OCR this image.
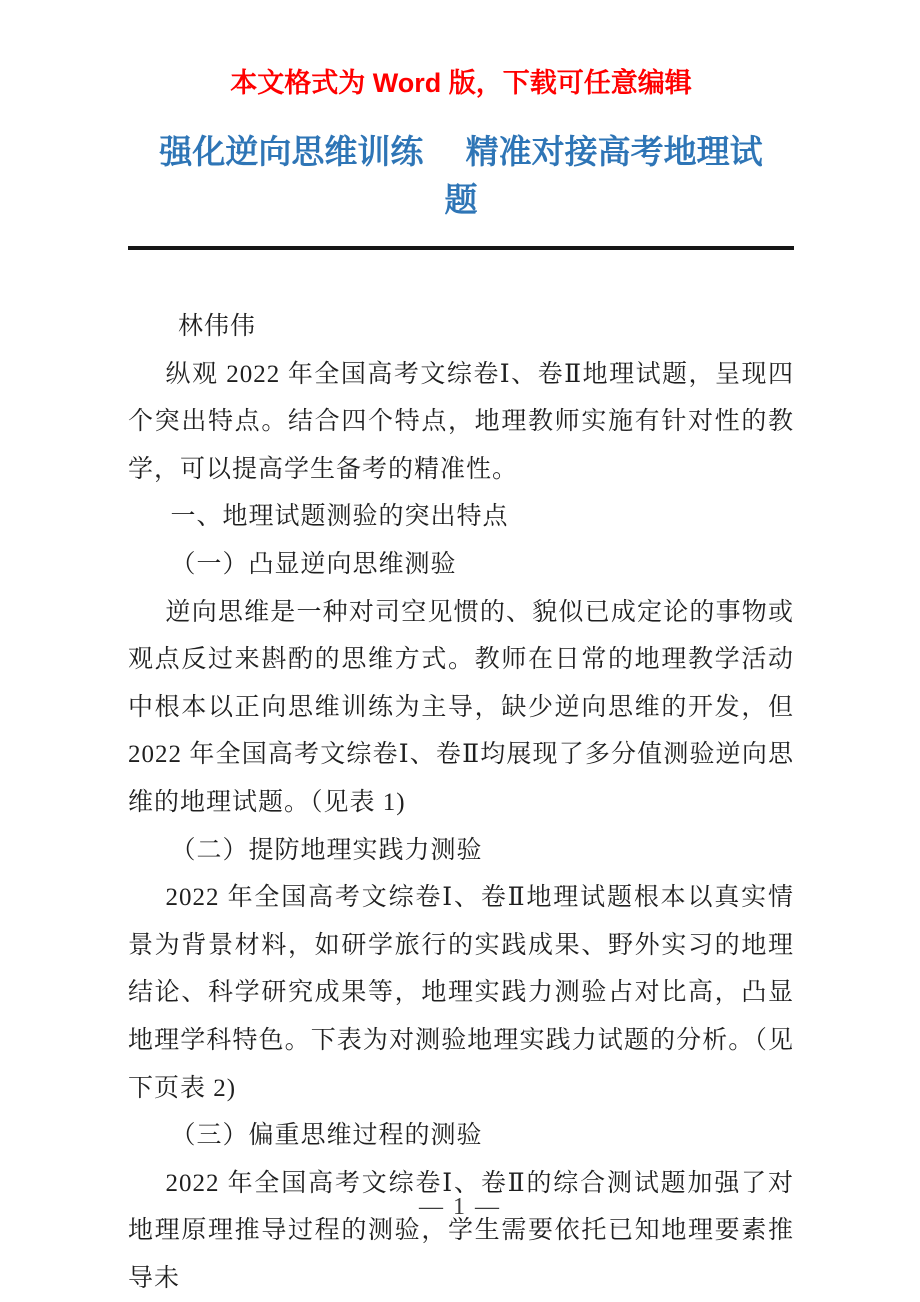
本文格式为 Word 版，下载可任意编辑
强化逆向思维训练　 精准对接高考地理试
题

林伟伟

纵观 2022 年全国高考文综卷Ⅰ、卷Ⅱ地理试题，呈现四个突出特点。结合四个特点，地理教师实施有针对性的教学，可以提高学生备考的精准性。

一、地理试题测验的突出特点

（一）凸显逆向思维测验

逆向思维是一种对司空见惯的、貌似已成定论的事物或观点反过来斟酌的思维方式。教师在日常的地理教学活动中根本以正向思维训练为主导，缺少逆向思维的开发，但 2022 年全国高考文综卷Ⅰ、卷Ⅱ均展现了多分值测验逆向思维的地理试题。（见表 1)

（二）提防地理实践力测验

2022 年全国高考文综卷Ⅰ、卷Ⅱ地理试题根本以真实情景为背景材料，如研学旅行的实践成果、野外实习的地理结论、科学研究成果等，地理实践力测验占对比高，凸显地理学科特色。下表为对测验地理实践力试题的分析。（见下页表 2)

（三）偏重思维过程的测验

2022 年全国高考文综卷Ⅰ、卷Ⅱ的综合测试题加强了对地理原理推导过程的测验，学生需要依托已知地理要素推导未

— 1 —
